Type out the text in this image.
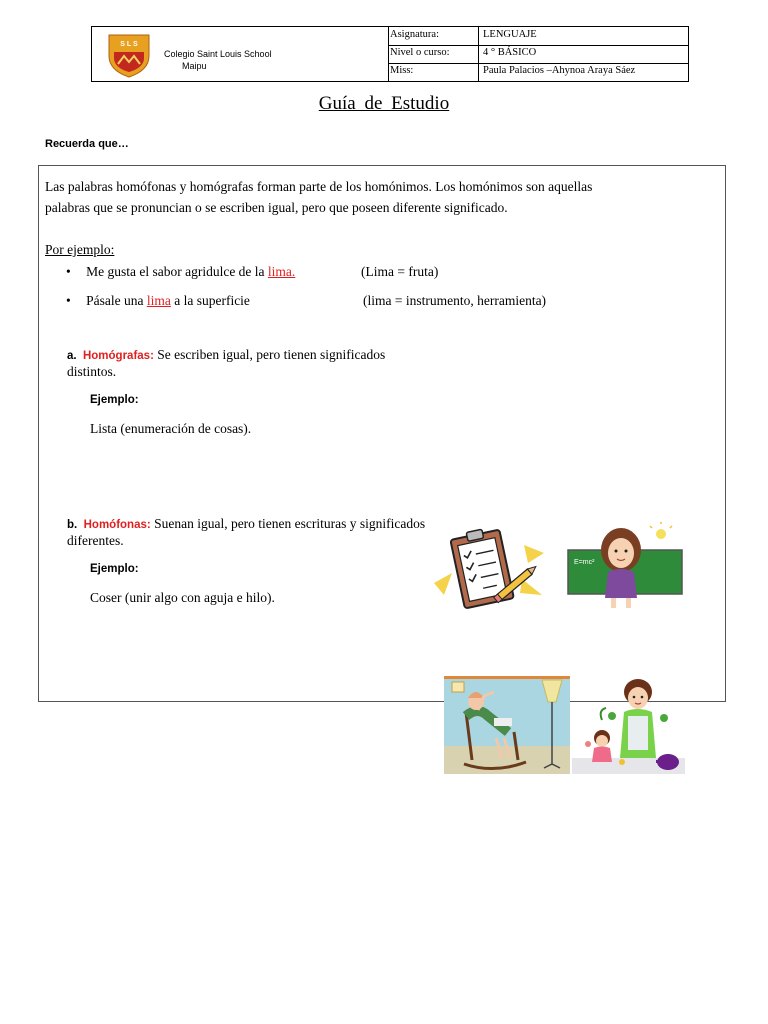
S L S
Colegio Saint Louis School
Maipu
Asignatura:	LENGUAJE
Nivel o curso:	4 ° BÁSICO
Miss:	Paula Palacios –Ahynoa Araya Sáez
Guía de Estudio
Recuerda que…
Las palabras homófonas y homógrafas forman parte de los homónimos. Los homónimos son aquellas
palabras que se pronuncian o se escriben igual, pero que poseen diferente significado.
Por ejemplo:
• Me gusta el sabor agridulce de la lima.	(Lima = fruta)
• Pásale una lima a la superficie	(lima = instrumento, herramienta)
a. Homógrafas: Se escriben igual, pero tienen significados
distintos.
Ejemplo:
Lista (enumeración de cosas).
b. Homófonas: Suenan igual, pero tienen escrituras y significados
diferentes.
Ejemplo:
Coser (unir algo con aguja e hilo).
E=mc²
